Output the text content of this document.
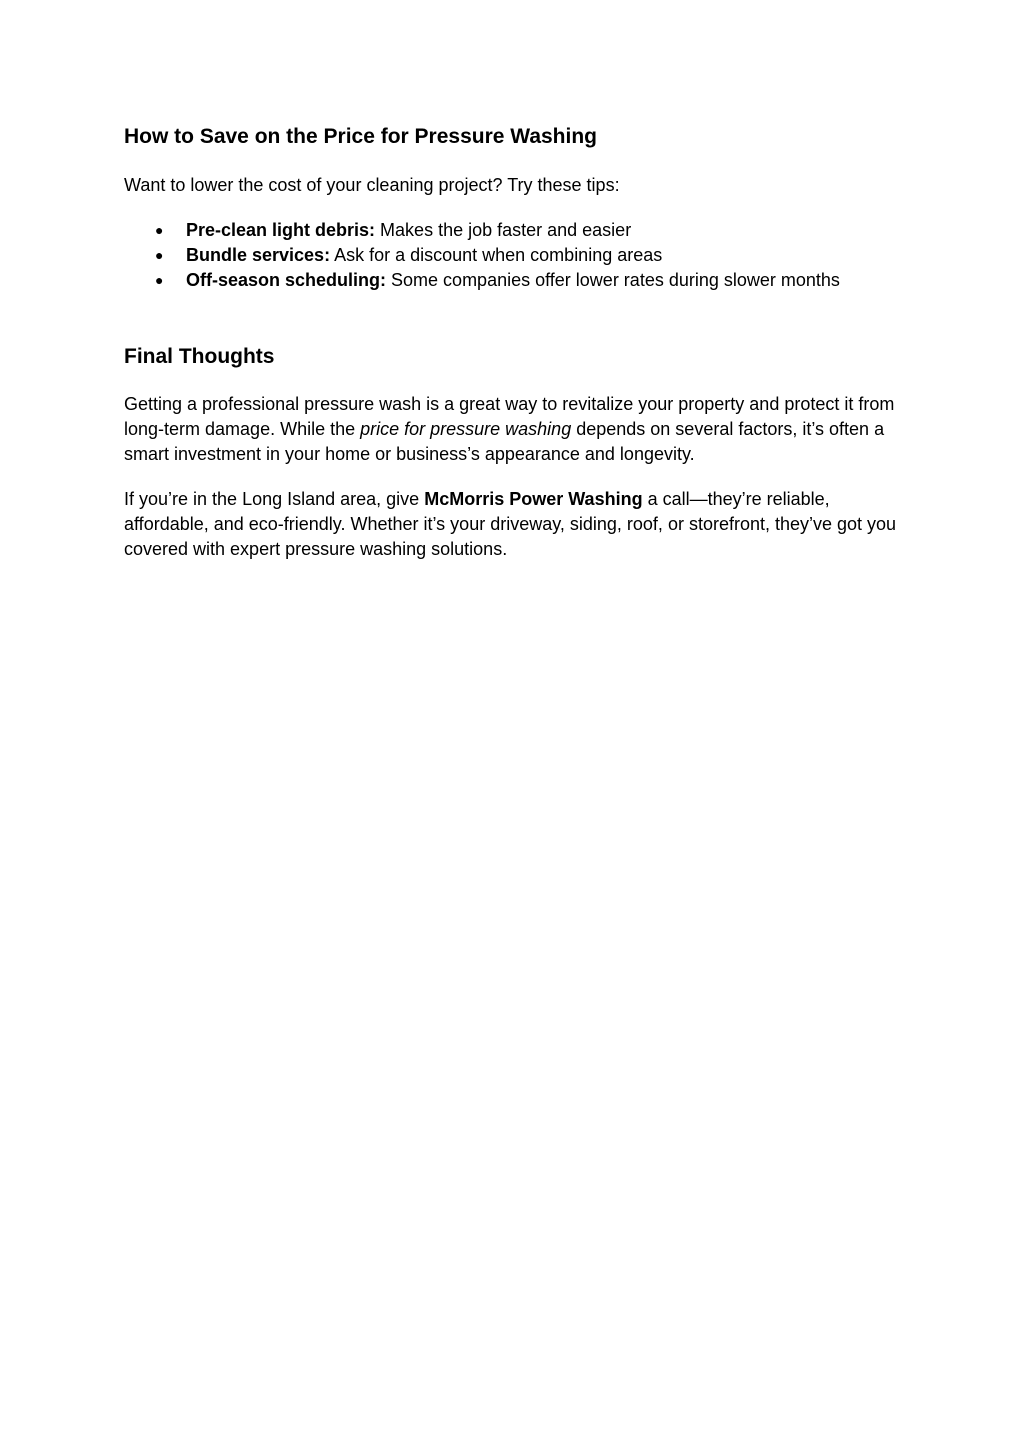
How to Save on the Price for Pressure Washing

Want to lower the cost of your cleaning project? Try these tips:

● Pre-clean light debris: Makes the job faster and easier
● Bundle services: Ask for a discount when combining areas
● Off-season scheduling: Some companies offer lower rates during slower months
Final Thoughts

Getting a professional pressure wash is a great way to revitalize your property and protect it from long-term damage. While the price for pressure washing depends on several factors, it’s often a smart investment in your home or business’s appearance and longevity.

If you’re in the Long Island area, give McMorris Power Washing a call—they’re reliable, affordable, and eco-friendly. Whether it’s your driveway, siding, roof, or storefront, they’ve got you covered with expert pressure washing solutions.
